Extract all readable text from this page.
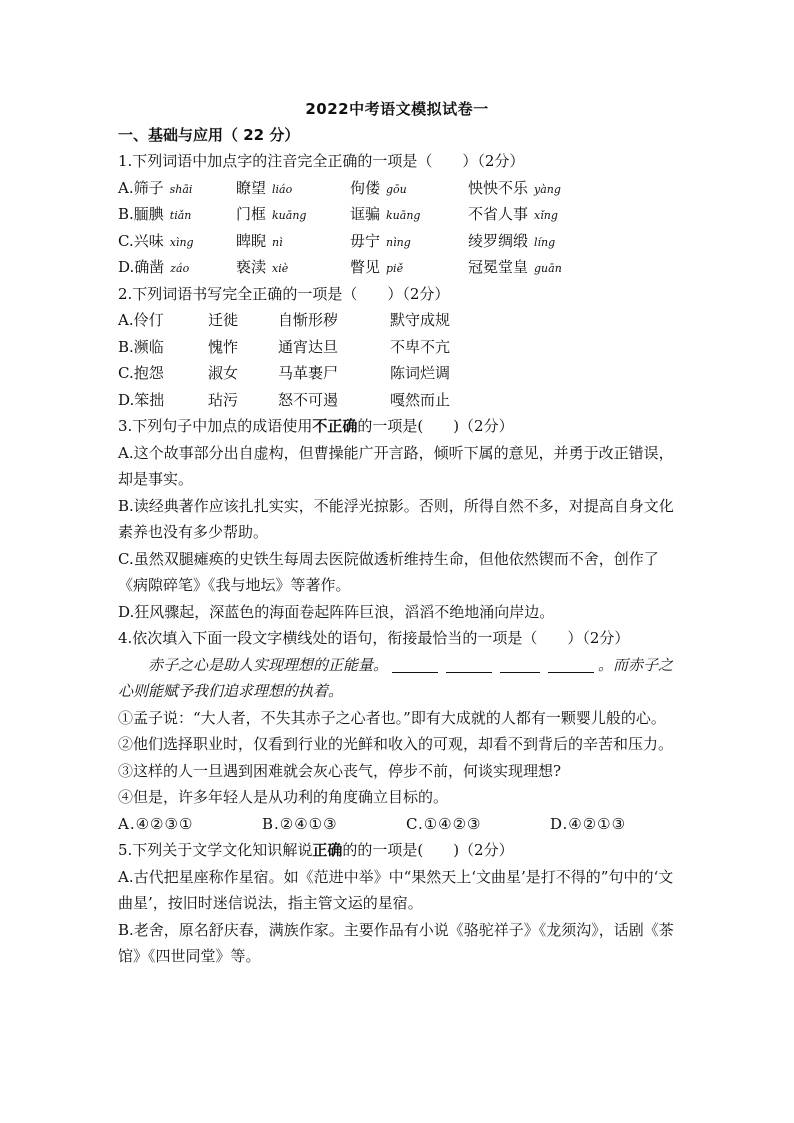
2022中考语文模拟试卷一
一、基础与应用（ 22 分）
1.下列词语中加点字的注音完全正确的一项是（　　）（2分）
A.筛子 shāi	瞭望 liáo	佝偻 gōu	怏怏不乐 yàng
B.腼腆 tiǎn	门框 kuāng	诓骗 kuāng	不省人事 xǐng
C.兴味 xìng	睥睨 nì	毋宁 nìng	绫罗绸缎 líng
D.确凿 záo	亵渎 xiè	瞥见 piě	冠冕堂皇 guān
2.下列词语书写完全正确的一项是（　　）（2分）
A.伶仃	迁徙	自惭形秽	默守成规
B.濒临	愧怍	通宵达旦	不卑不亢
C.抱怨	淑女	马革裹尸	陈词烂调
D.笨拙	玷污	怒不可遏	嘎然而止
3.下列句子中加点的成语使用不正确的一项是(　　)（2分）
A.这个故事部分出自虚构，但曹操能广开言路，倾听下属的意见，并勇于改正错误，却是事实。
B.读经典著作应该扎扎实实，不能浮光掠影。否则，所得自然不多，对提高自身文化素养也没有多少帮助。
C.虽然双腿瘫痪的史铁生每周去医院做透析维持生命，但他依然锲而不舍，创作了《病隙碎笔》《我与地坛》等著作。
D.狂风骤起，深蓝色的海面卷起阵阵巨浪，滔滔不绝地涌向岸边。
4.依次填入下面一段文字横线处的语句，衔接最恰当的一项是（　　）（2分）
赤子之心是助人实现理想的正能量。	。而赤子之心则能赋予我们追求理想的执着。
①孟子说：“大人者，不失其赤子之心者也。”即有大成就的人都有一颗婴儿般的心。
②他们选择职业时，仅看到行业的光鲜和收入的可观，却看不到背后的辛苦和压力。
③这样的人一旦遇到困难就会灰心丧气，停步不前，何谈实现理想?
④但是，许多年轻人是从功利的角度确立目标的。
A.④②③①	B.②④①③	C.①④②③	D.④②①③
5.下列关于文学文化知识解说正确的的一项是(　　)（2分）
A.古代把星座称作星宿。如《范进中举》中“果然天上‘文曲星’是打不得的”句中的‘文曲星’，按旧时迷信说法，指主管文运的星宿。
B.老舍，原名舒庆春，满族作家。主要作品有小说《骆驼祥子》《龙须沟》，话剧《茶馆》《四世同堂》等。
